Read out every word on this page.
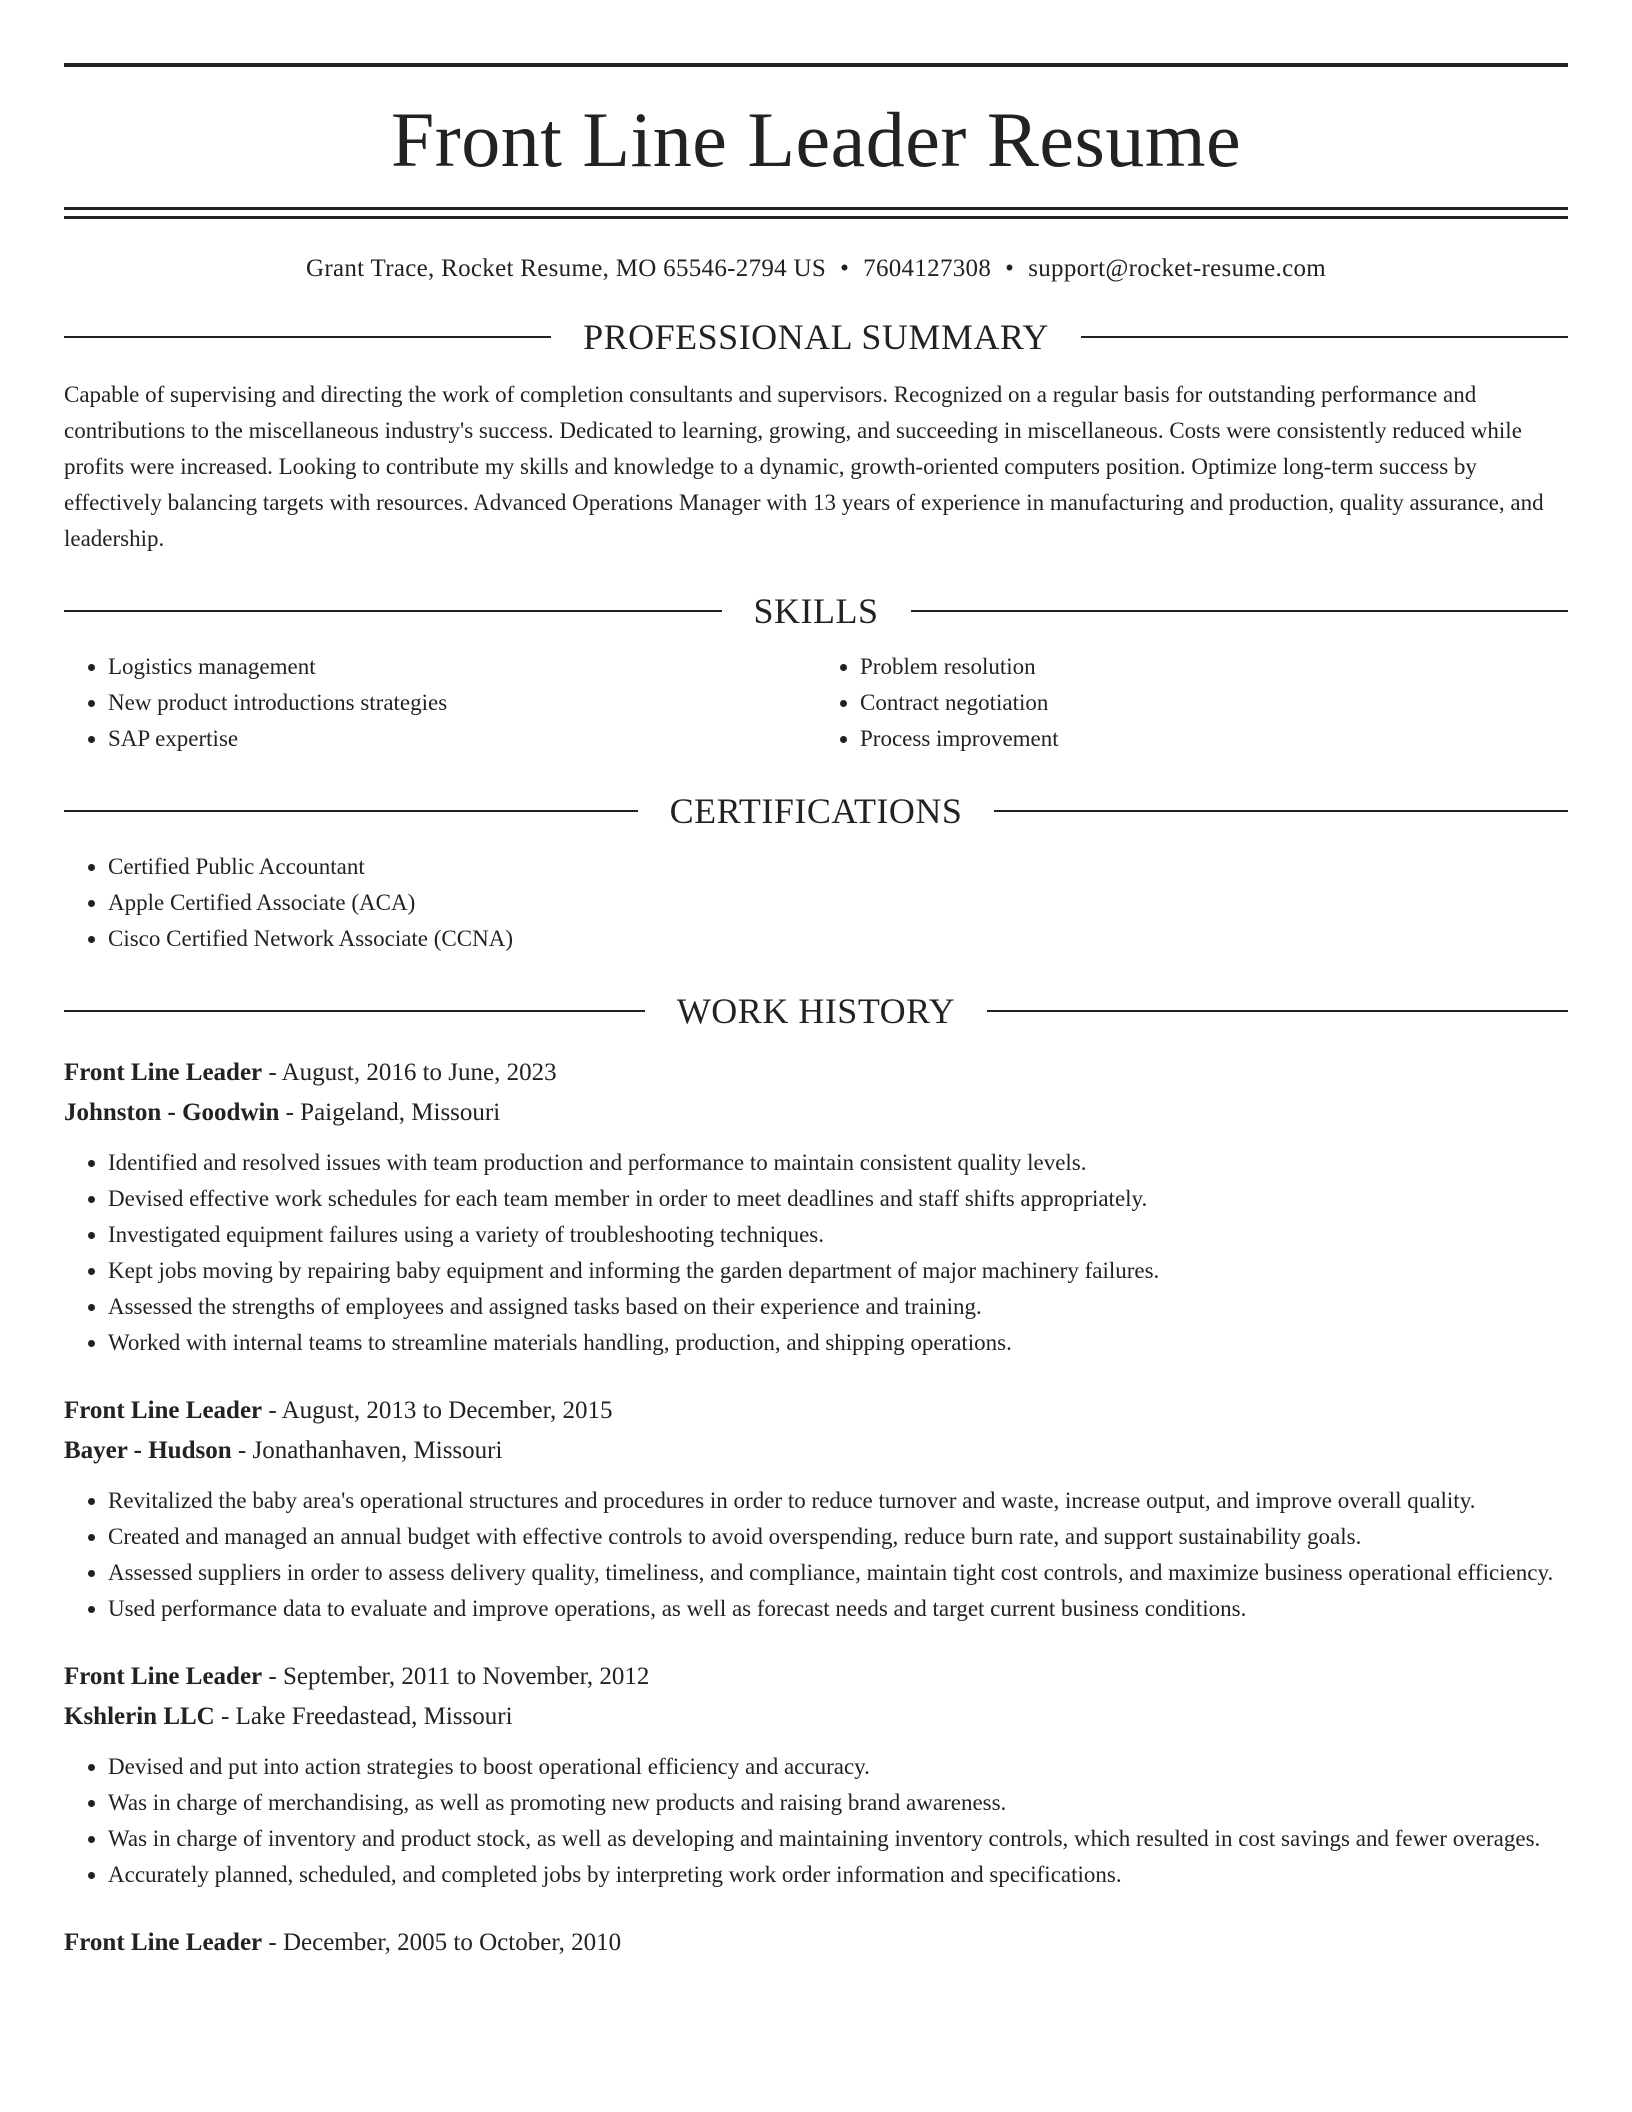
Front Line Leader Resume
Grant Trace, Rocket Resume, MO 65546-2794 US • 7604127308 • support@rocket-resume.com
PROFESSIONAL SUMMARY
Capable of supervising and directing the work of completion consultants and supervisors. Recognized on a regular basis for outstanding performance and contributions to the miscellaneous industry's success. Dedicated to learning, growing, and succeeding in miscellaneous. Costs were consistently reduced while profits were increased. Looking to contribute my skills and knowledge to a dynamic, growth-oriented computers position. Optimize long-term success by effectively balancing targets with resources. Advanced Operations Manager with 13 years of experience in manufacturing and production, quality assurance, and leadership.
SKILLS
• Logistics management
• New product introductions strategies
• SAP expertise
• Problem resolution
• Contract negotiation
• Process improvement
CERTIFICATIONS
• Certified Public Accountant
• Apple Certified Associate (ACA)
• Cisco Certified Network Associate (CCNA)
WORK HISTORY
Front Line Leader - August, 2016 to June, 2023
Johnston - Goodwin - Paigeland, Missouri
• Identified and resolved issues with team production and performance to maintain consistent quality levels.
• Devised effective work schedules for each team member in order to meet deadlines and staff shifts appropriately.
• Investigated equipment failures using a variety of troubleshooting techniques.
• Kept jobs moving by repairing baby equipment and informing the garden department of major machinery failures.
• Assessed the strengths of employees and assigned tasks based on their experience and training.
• Worked with internal teams to streamline materials handling, production, and shipping operations.
Front Line Leader - August, 2013 to December, 2015
Bayer - Hudson - Jonathanhaven, Missouri
• Revitalized the baby area's operational structures and procedures in order to reduce turnover and waste, increase output, and improve overall quality.
• Created and managed an annual budget with effective controls to avoid overspending, reduce burn rate, and support sustainability goals.
• Assessed suppliers in order to assess delivery quality, timeliness, and compliance, maintain tight cost controls, and maximize business operational efficiency.
• Used performance data to evaluate and improve operations, as well as forecast needs and target current business conditions.
Front Line Leader - September, 2011 to November, 2012
Kshlerin LLC - Lake Freedastead, Missouri
• Devised and put into action strategies to boost operational efficiency and accuracy.
• Was in charge of merchandising, as well as promoting new products and raising brand awareness.
• Was in charge of inventory and product stock, as well as developing and maintaining inventory controls, which resulted in cost savings and fewer overages.
• Accurately planned, scheduled, and completed jobs by interpreting work order information and specifications.
Front Line Leader - December, 2005 to October, 2010
